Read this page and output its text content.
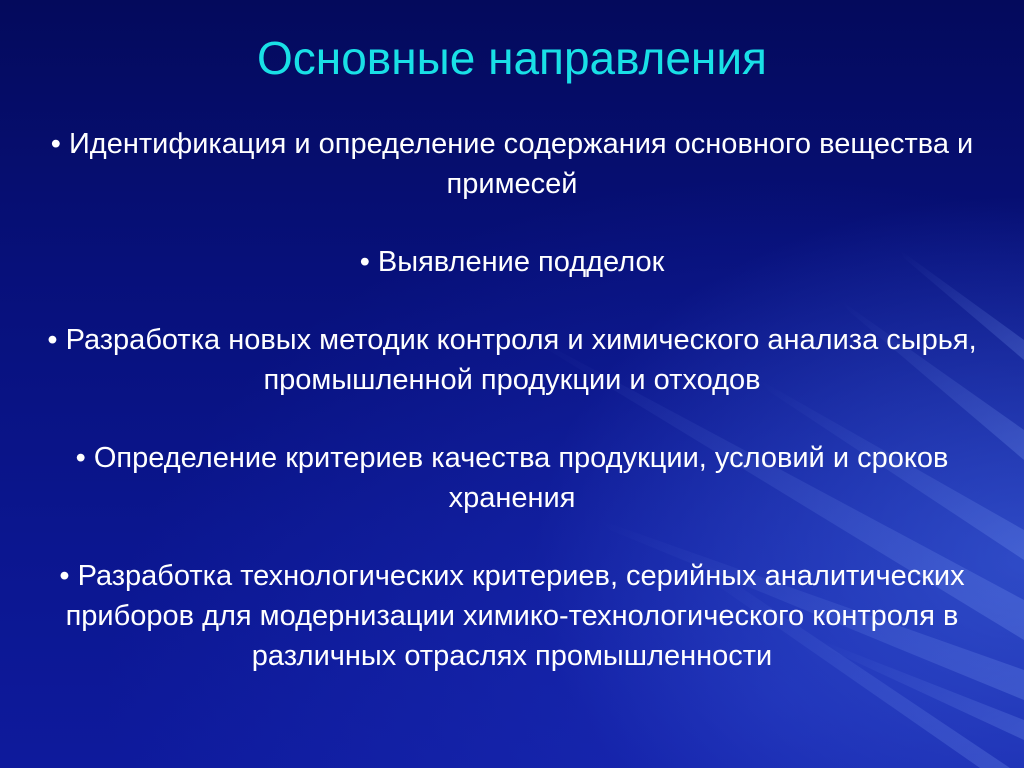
Основные направления
• Идентификация и определение содержания основного вещества и примесей
• Выявление подделок
• Разработка новых методик контроля и химического анализа сырья, промышленной продукции и отходов
• Определение критериев качества продукции, условий и сроков хранения
• Разработка технологических критериев, серийных аналитических приборов для модернизации химико-технологического контроля в различных отраслях промышленности
